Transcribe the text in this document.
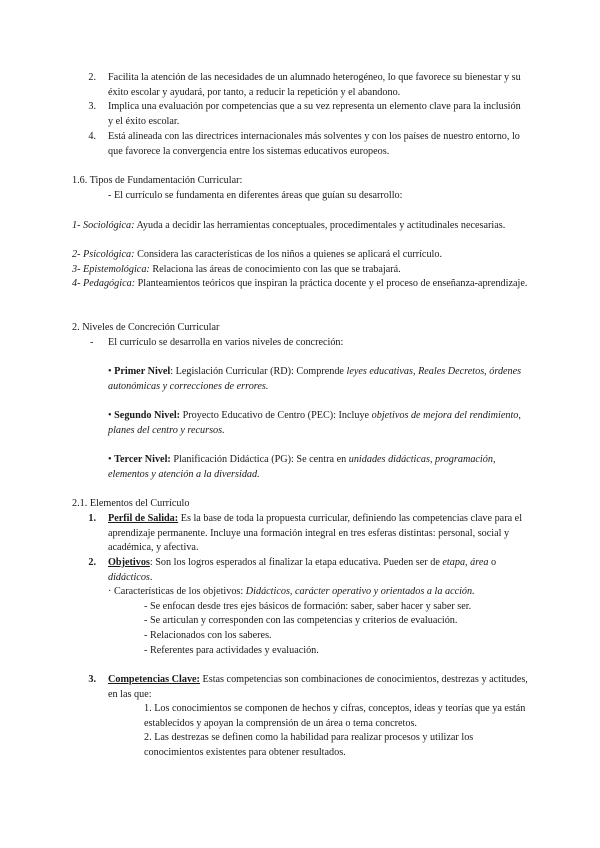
2. Facilita la atención de las necesidades de un alumnado heterogéneo, lo que favorece su bienestar y su éxito escolar y ayudará, por tanto, a reducir la repetición y el abandono.
3. Implica una evaluación por competencias que a su vez representa un elemento clave para la inclusión y el éxito escolar.
4. Está alineada con las directrices internacionales más solventes y con los países de nuestro entorno, lo que favorece la convergencia entre los sistemas educativos europeos.
1.6. Tipos de Fundamentación Curricular:
- El currículo se fundamenta en diferentes áreas que guían su desarrollo:
1- Sociológica: Ayuda a decidir las herramientas conceptuales, procedimentales y actitudinales necesarias.
2- Psicológica: Considera las características de los niños a quienes se aplicará el currículo.
3- Epistemológica: Relaciona las áreas de conocimiento con las que se trabajará.
4- Pedagógica: Planteamientos teóricos que inspiran la práctica docente y el proceso de enseñanza-aprendizaje.
2. Niveles de Concreción Curricular
- El currículo se desarrolla en varios niveles de concreción:
• Primer Nivel: Legislación Curricular (RD): Comprende leyes educativas, Reales Decretos, órdenes autonómicas y correcciones de errores.
• Segundo Nivel: Proyecto Educativo de Centro (PEC): Incluye objetivos de mejora del rendimiento, planes del centro y recursos.
• Tercer Nivel: Planificación Didáctica (PG): Se centra en unidades didácticas, programación, elementos y atención a la diversidad.
2.1. Elementos del Currículo
1. Perfil de Salida: Es la base de toda la propuesta curricular, definiendo las competencias clave para el aprendizaje permanente. Incluye una formación integral en tres esferas distintas: personal, social y académica, y afectiva.
2. Objetivos: Son los logros esperados al finalizar la etapa educativa. Pueden ser de etapa, área o didácticos.
· Características de los objetivos: Didácticos, carácter operativo y orientados a la acción.
- Se enfocan desde tres ejes básicos de formación: saber, saber hacer y saber ser.
- Se articulan y corresponden con las competencias y criterios de evaluación.
- Relacionados con los saberes.
- Referentes para actividades y evaluación.
3. Competencias Clave: Estas competencias son combinaciones de conocimientos, destrezas y actitudes, en las que:
1. Los conocimientos se componen de hechos y cifras, conceptos, ideas y teorías que ya están establecidos y apoyan la comprensión de un área o tema concretos.
2. Las destrezas se definen como la habilidad para realizar procesos y utilizar los conocimientos existentes para obtener resultados.
